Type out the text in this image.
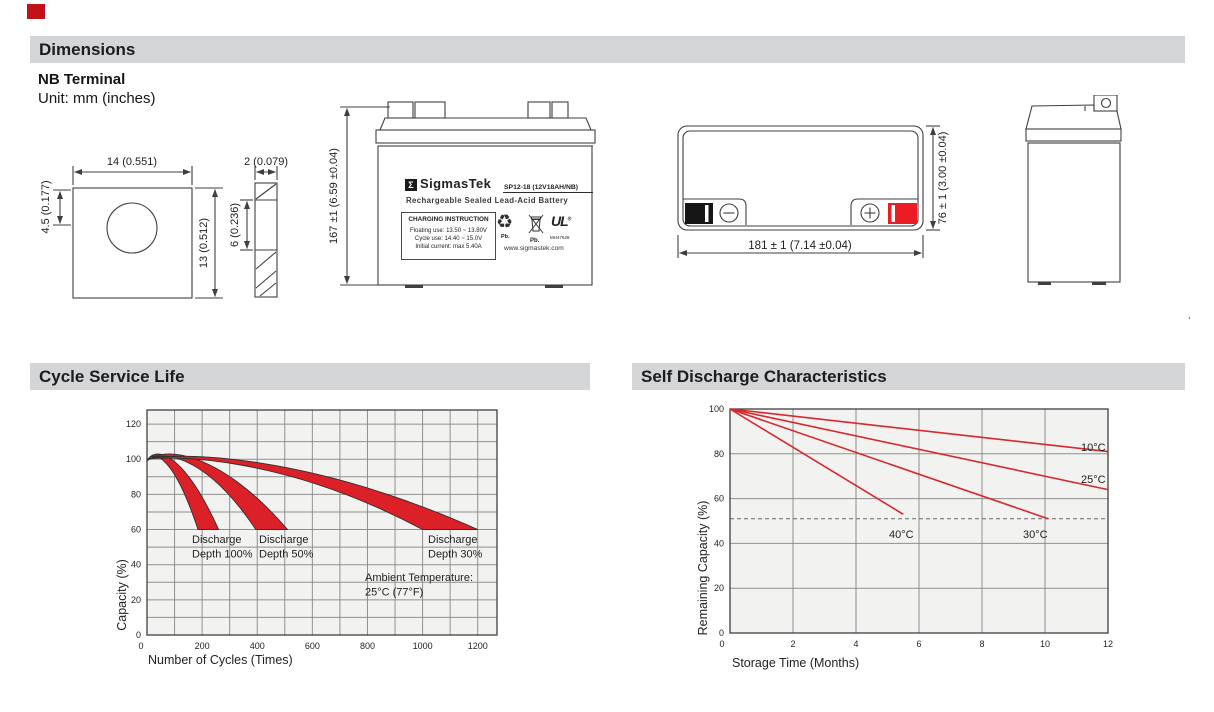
Dimensions
NB Terminal
Unit: mm (inches)
Cycle Service Life	Self Discharge Characteristics
14 (0.551)
4.5 (0.177)
13 (0.512)
2 (0.079)
6 (0.236)	167 ±1 (6.59 ±0.04)
181 ± 1 (7.14 ±0.04)
76 ± 1 (3.00 ±0.04)
Σ SigmasTek SP12-18 (12V18AH/NB)
Rechargeable Sealed Lead-Acid Battery
CHARGING INSTRUCTION
Floating use: 13.50 ~ 13.80V
Cycle use: 14.40 ~ 15.0V
Initial current: max 5.40A
♻
Pb.
Pb.
UL®
MH47628
www.sigmastek.com
0
20
40
60
80
100
120
0	200	400	600	800	1000	1200
Number of Cycles (Times)
Capacity (%)
Discharge
Depth 100%
Discharge
Depth 50%
Discharge
Depth 30%
Ambient Temperature:
25°C (77°F)
10°C
25°C
30°C
40°C
0
20
40
60
80
100
0	2	4	6	8	10	12
Storage Time (Months)
Remaining Capacity (%)
